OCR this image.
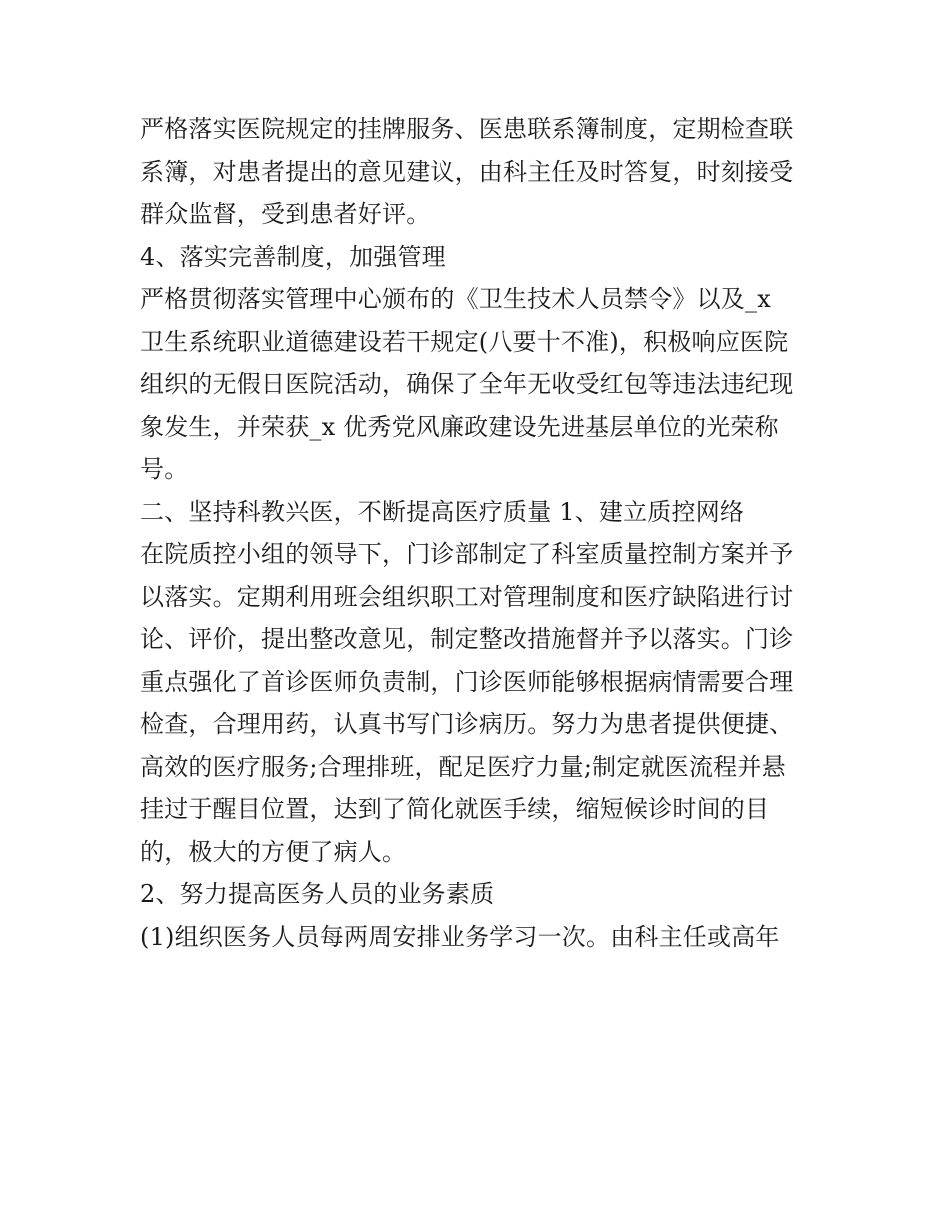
严格落实医院规定的挂牌服务、医患联系簿制度，定期检查联
系簿，对患者提出的意见建议，由科主任及时答复，时刻接受
群众监督，受到患者好评。
4、落实完善制度，加强管理
严格贯彻落实管理中心颁布的《卫生技术人员禁令》以及_x
卫生系统职业道德建设若干规定(八要十不准)，积极响应医院
组织的无假日医院活动，确保了全年无收受红包等违法违纪现
象发生，并荣获_x 优秀党风廉政建设先进基层单位的光荣称
号。
二、坚持科教兴医，不断提高医疗质量 1、建立质控网络
在院质控小组的领导下，门诊部制定了科室质量控制方案并予
以落实。定期利用班会组织职工对管理制度和医疗缺陷进行讨
论、评价，提出整改意见，制定整改措施督并予以落实。门诊
重点强化了首诊医师负责制，门诊医师能够根据病情需要合理
检查，合理用药，认真书写门诊病历。努力为患者提供便捷、
高效的医疗服务;合理排班，配足医疗力量;制定就医流程并悬
挂过于醒目位置，达到了简化就医手续，缩短候诊时间的目
的，极大的方便了病人。
2、努力提高医务人员的业务素质
(1)组织医务人员每两周安排业务学习一次。由科主任或高年
